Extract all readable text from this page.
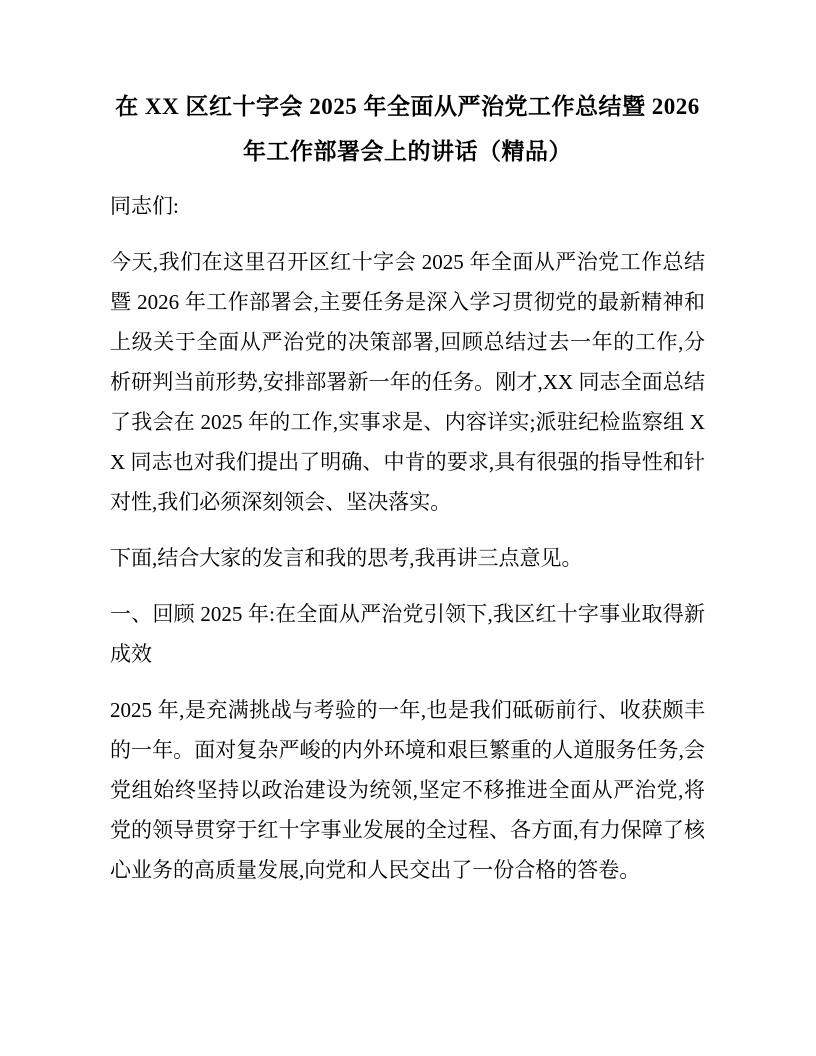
在 XX 区红十字会 2025 年全面从严治党工作总结暨 2026 年工作部署会上的讲话（精品）

同志们:

今天,我们在这里召开区红十字会 2025 年全面从严治党工作总结暨 2026 年工作部署会,主要任务是深入学习贯彻党的最新精神和上级关于全面从严治党的决策部署,回顾总结过去一年的工作,分析研判当前形势,安排部署新一年的任务。刚才,XX 同志全面总结了我会在 2025 年的工作,实事求是、内容详实;派驻纪检监察组 XX 同志也对我们提出了明确、中肯的要求,具有很强的指导性和针对性,我们必须深刻领会、坚决落实。

下面,结合大家的发言和我的思考,我再讲三点意见。

一、回顾 2025 年:在全面从严治党引领下,我区红十字事业取得新成效

2025 年,是充满挑战与考验的一年,也是我们砥砺前行、收获颇丰的一年。面对复杂严峻的内外环境和艰巨繁重的人道服务任务,会党组始终坚持以政治建设为统领,坚定不移推进全面从严治党,将党的领导贯穿于红十字事业发展的全过程、各方面,有力保障了核心业务的高质量发展,向党和人民交出了一份合格的答卷。
